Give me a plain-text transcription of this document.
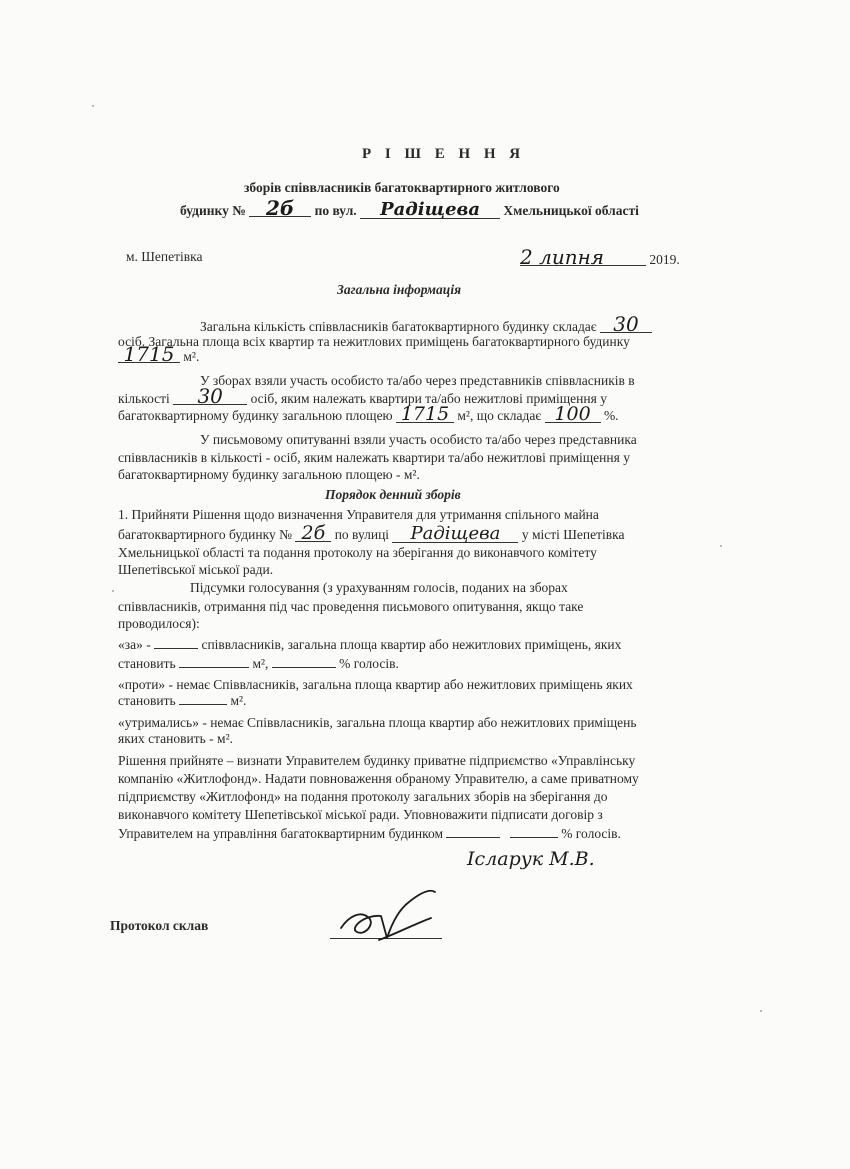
Р І Ш Е Н Н Я
зборів співвласників багатоквартирного житлового
будинку № 2б по вул. Радіщева Хмельницької області
м. Шепетівка	2 липня	2019.
Загальна інформація
Загальна кількість співвласників багатоквартирного будинку складає 30
осіб. Загальна площа всіх квартир та нежитлових приміщень багатоквартирного будинку
1715 м².
У зборах взяли участь особисто та/або через представників співвласників в
кількості 30 осіб, яким належать квартири та/або нежитлові приміщення у
багатоквартирному будинку загальною площею 1715 м², що складає 100 %.
У письмовому опитуванні взяли участь особисто та/або через представника
співвласників в кількості - осіб, яким належать квартири та/або нежитлові приміщення у
багатоквартирному будинку загальною площею - м².
Порядок денний зборів
1. Прийняти Рішення щодо визначення Управителя для утримання спільного майна
багатоквартирного будинку № 2б по вулиці Радіщева у місті Шепетівка
Хмельницької області та подання протоколу на зберігання до виконавчого комітету
Шепетівської міської ради.
Підсумки голосування (з урахуванням голосів, поданих на зборах
співвласників, отримання під час проведення письмового опитування, якщо таке
проводилося):
«за» -	співвласників, загальна площа квартир або нежитлових приміщень, яких
становить	м²,	% голосів.
«проти» - немає Співвласників, загальна площа квартир або нежитлових приміщень яких
становить	м².
«утримались» - немає Співвласників, загальна площа квартир або нежитлових приміщень
яких становить - м².
Рішення прийняте – визнати Управителем будинку приватне підприємство «Управлінську
компанію «Житлофонд». Надати повноваження обраному Управителю, а саме приватному
підприємству «Житлофонд» на подання протоколу загальних зборів на зберігання до
виконавчого комітету Шепетівської міської ради. Уповноважити підписати договір з
Управителем на управління багатоквартирним будинком	% голосів.
Ісларук М.В.
Протокол склав
